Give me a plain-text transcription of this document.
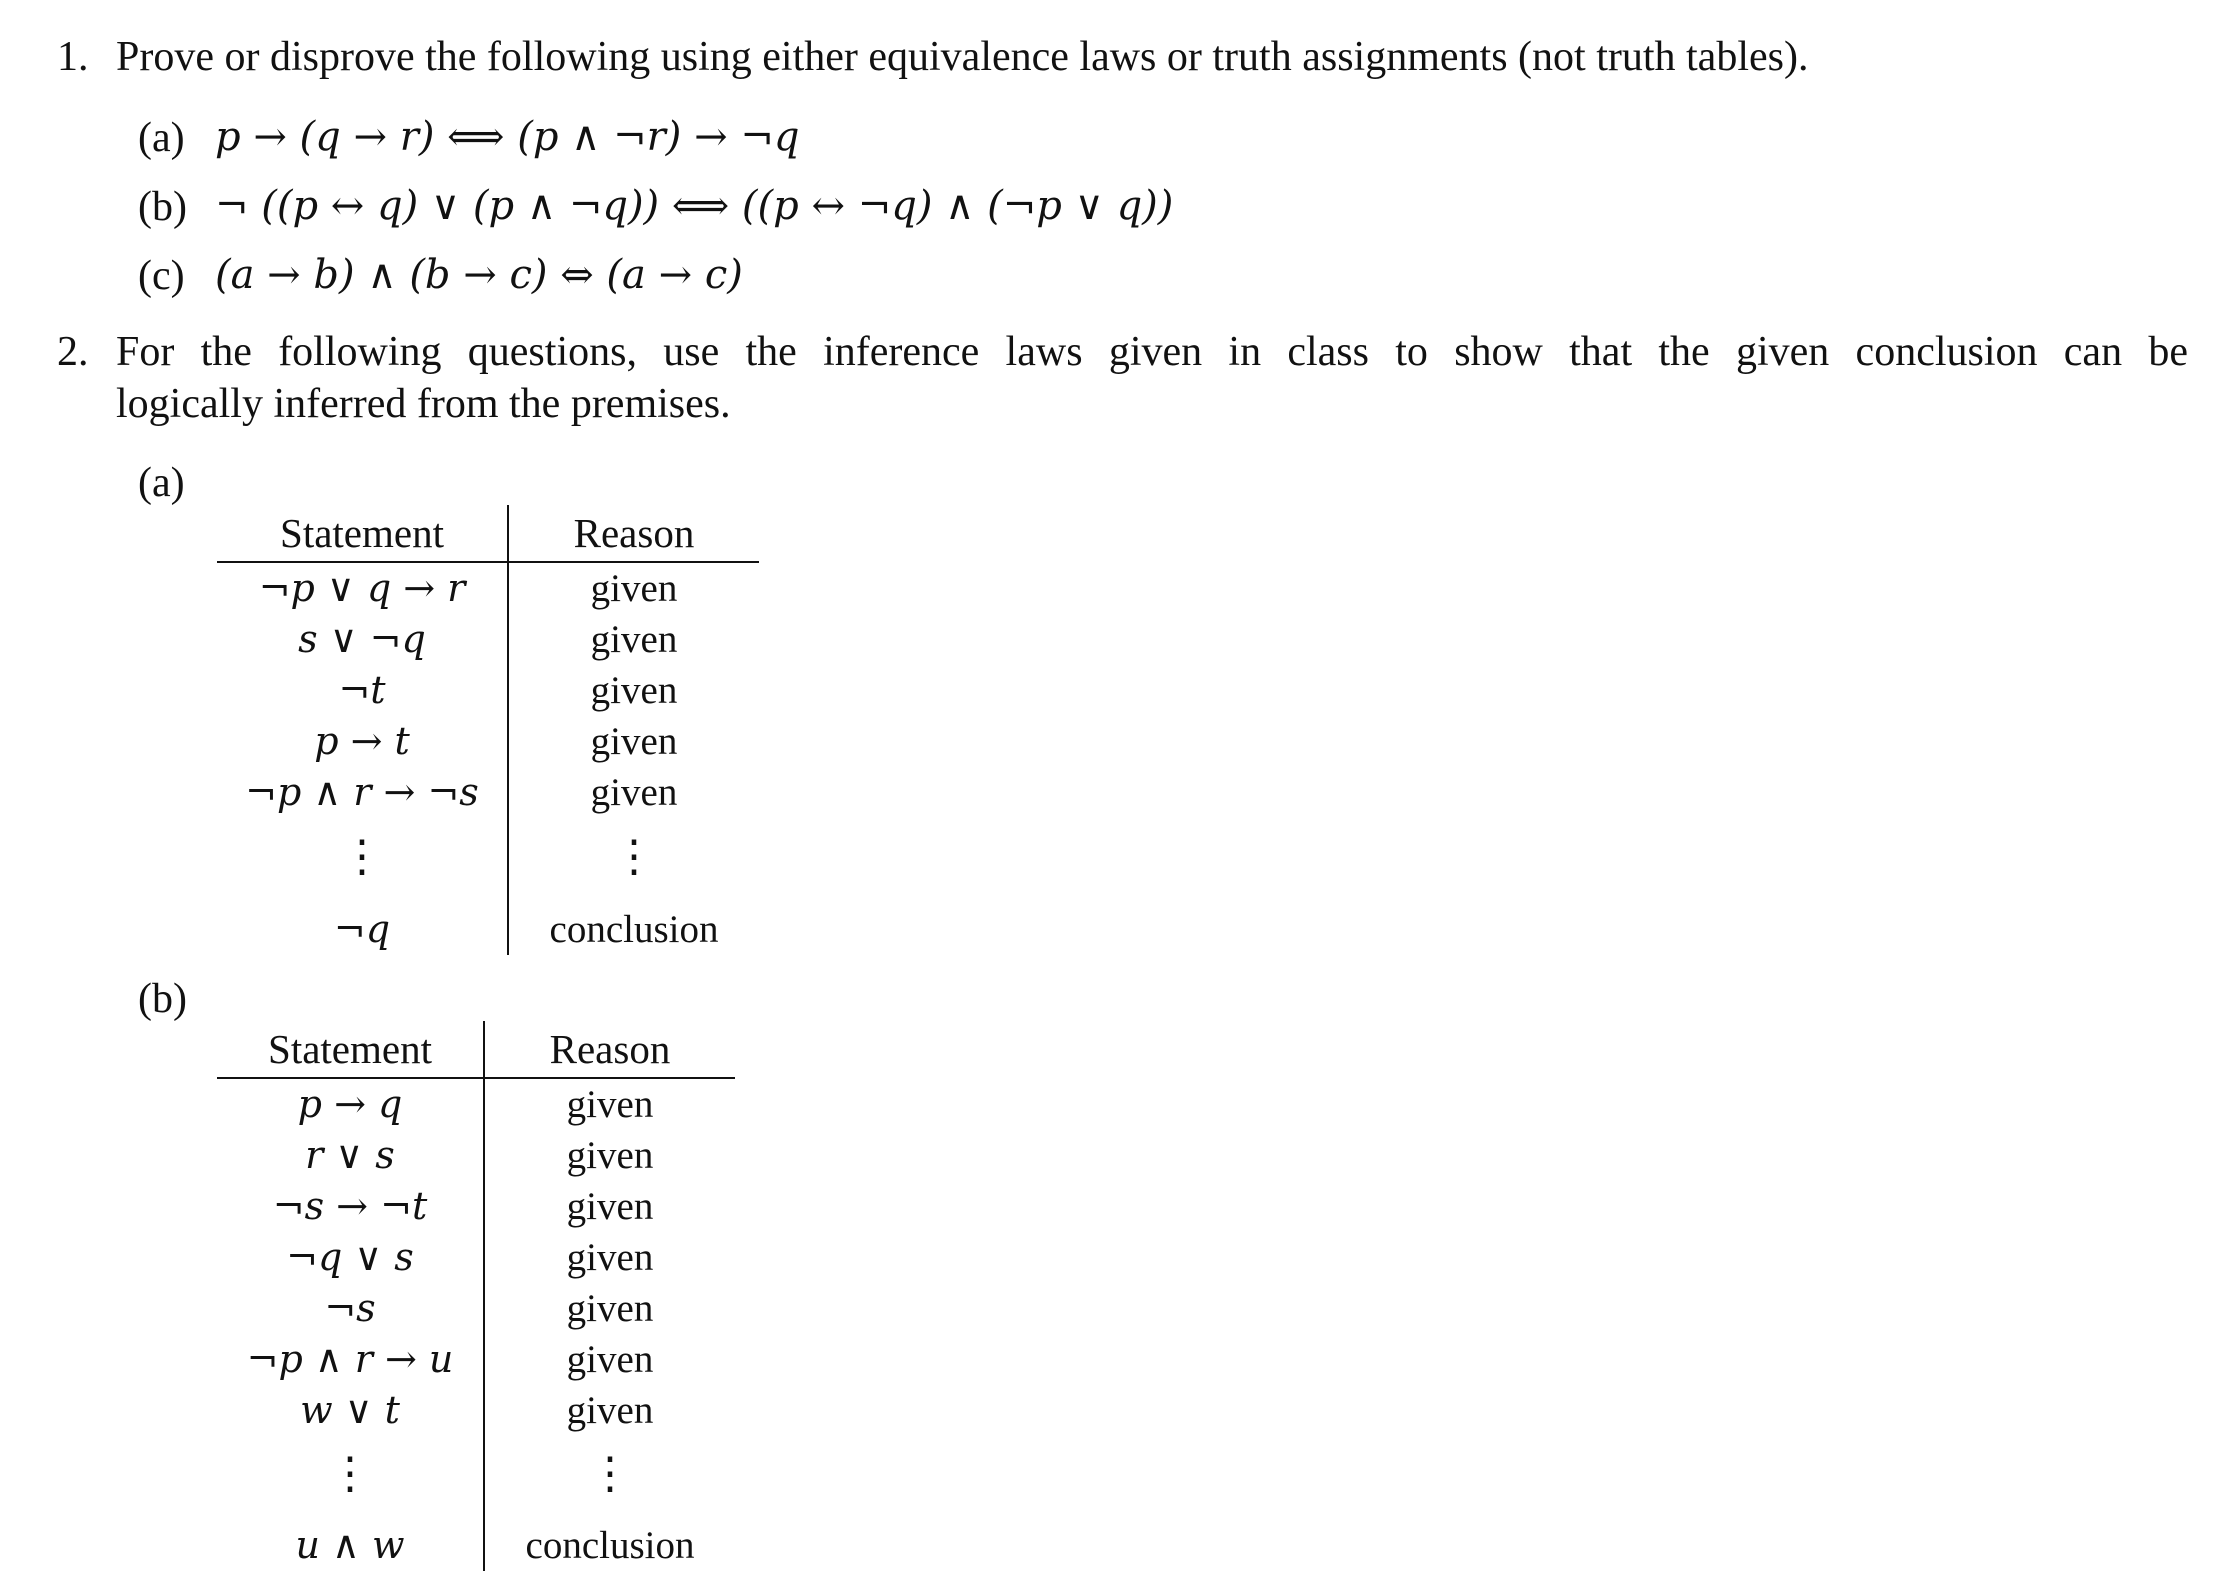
1. Prove or disprove the following using either equivalence laws or truth assignments (not truth tables).
(a) p → (q → r) ⟺ (p ∧ ¬r) → ¬q
(b) ¬ ((p ↔ q) ∨ (p ∧ ¬q)) ⟺ ((p ↔ ¬q) ∧ (¬p ∨ q))
(c) (a → b) ∧ (b → c) ⇔ (a → c)
2. For the following questions, use the inference laws given in class to show that the given conclusion can be
logically inferred from the premises.
(a)
Statement	Reason
¬p ∨ q → r	given
s ∨ ¬q	given
¬t	given
p → t	given
¬p ∧ r → ¬s	given
⋮	⋮
¬q	conclusion
(b)
Statement	Reason
p → q	given
r ∨ s	given
¬s → ¬t	given
¬q ∨ s	given
¬s	given
¬p ∧ r → u	given
w ∨ t	given
⋮	⋮
u ∧ w	conclusion
